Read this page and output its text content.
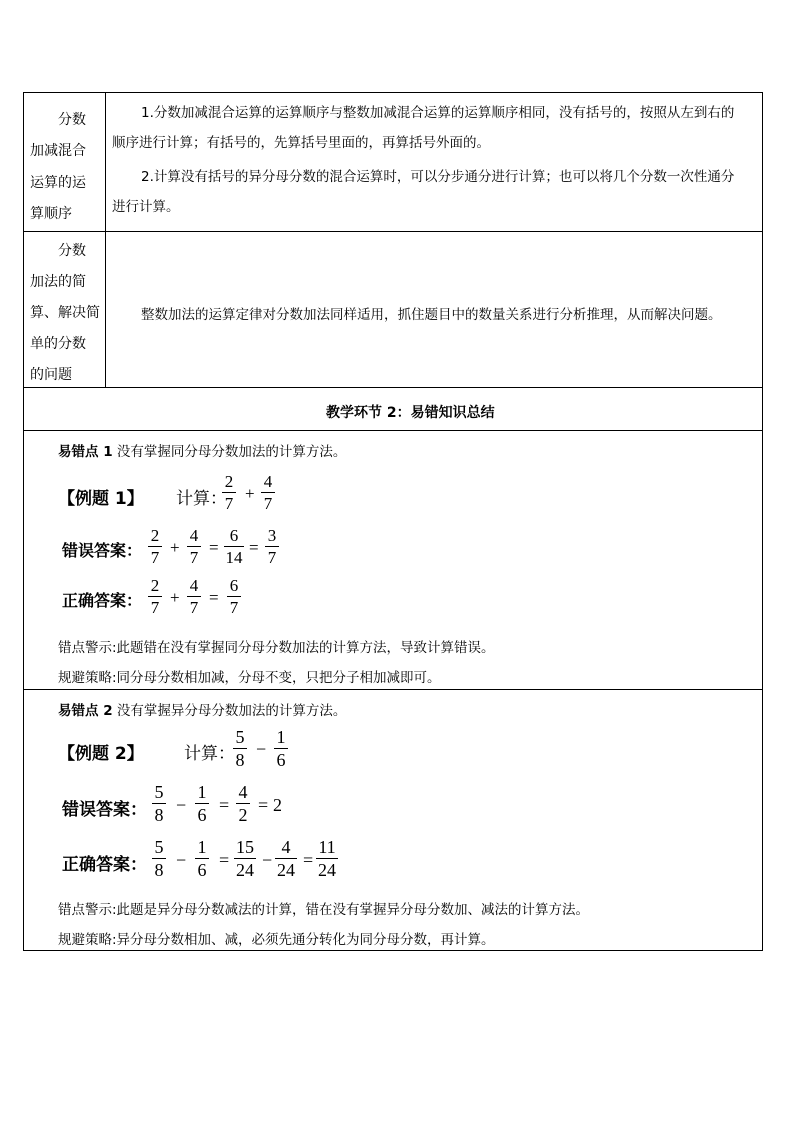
分数
加减混合
运算的运
算顺序
1.分数加减混合运算的运算顺序与整数加减混合运算的运算顺序相同，没有括号的，按照从左到右的
顺序进行计算；有括号的，先算括号里面的，再算括号外面的。
2.计算没有括号的异分母分数的混合运算时，可以分步通分进行计算；也可以将几个分数一次性通分
进行计算。
分数
加法的简
算、解决简
单的分数
的问题
整数加法的运算定律对分数加法同样适用，抓住题目中的数量关系进行分析推理，从而解决问题。
教学环节 2：易错知识总结
易错点 1 没有掌握同分母分数加法的计算方法。
【例题 1】 计算：
2
7
+
4
7
错误答案：
2
7
+
4
7
=
6
14
=
3
7
正确答案：
2
7
+
4
7
=
6
7
错点警示:此题错在没有掌握同分母分数加法的计算方法，导致计算错误。
规避策略:同分母分数相加减，分母不变，只把分子相加减即可。
易错点 2 没有掌握异分母分数加法的计算方法。
【例题 2】 计算：
5
8
−
1
6
错误答案：
5
8 −
1
6 =
4
2 = 2
正确答案：
5
8 −
1
6 =
15
24 −
4
24 =
11
24
错点警示:此题是异分母分数减法的计算，错在没有掌握异分母分数加、减法的计算方法。
规避策略:异分母分数相加、减，必须先通分转化为同分母分数，再计算。
